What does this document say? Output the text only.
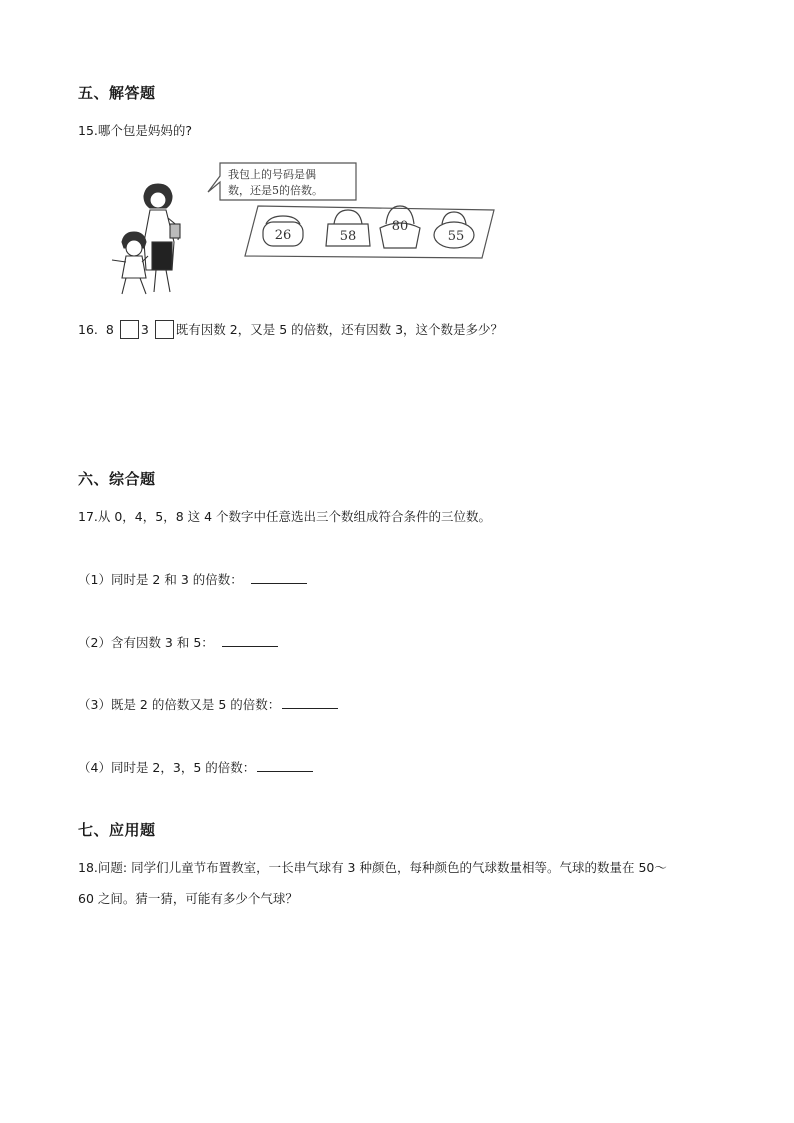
五、解答题
15.哪个包是妈妈的?
我包上的号码是偶
数，还是5的倍数。
26	58
80
55
16. 8 3 既有因数 2，又是 5 的倍数，还有因数 3，这个数是多少？
六、综合题
17.从 0，4，5，8 这 4 个数字中任意选出三个数组成符合条件的三位数。
（1）同时是 2 和 3 的倍数：
（2）含有因数 3 和 5：
（3）既是 2 的倍数又是 5 的倍数：
（4）同时是 2，3，5 的倍数：
七、应用题
18.问题: 同学们儿童节布置教室，一长串气球有 3 种颜色，每种颜色的气球数量相等。气球的数量在 50～
60 之间。猜一猜，可能有多少个气球？
